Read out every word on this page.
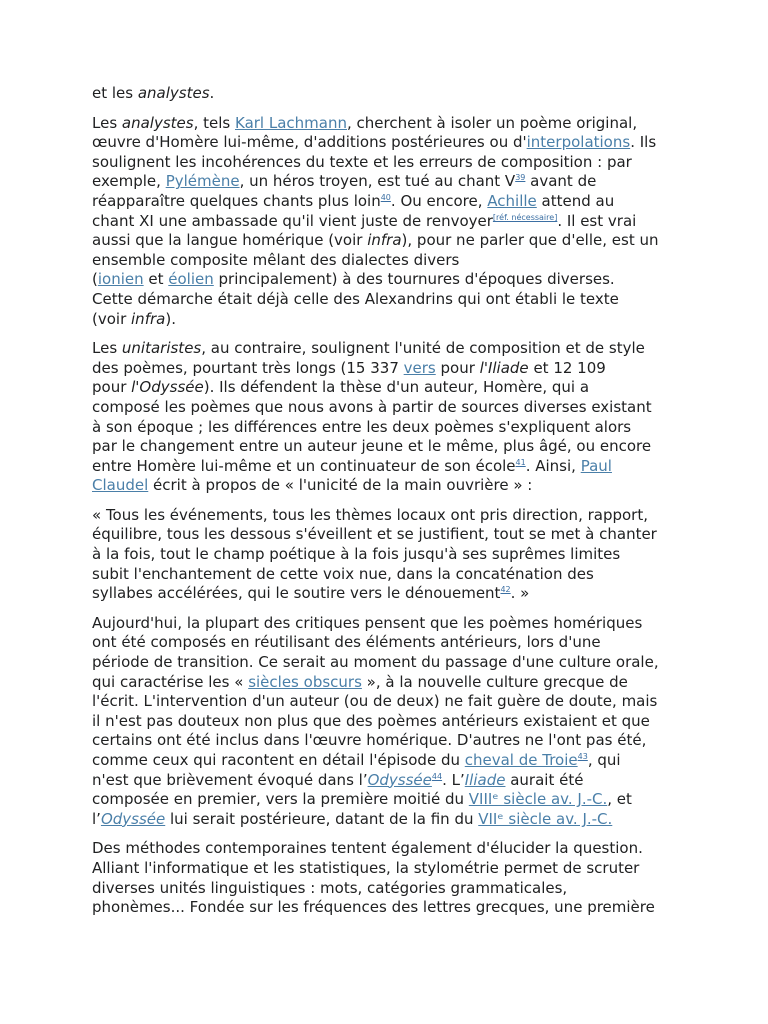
et les analystes.

Les analystes, tels Karl Lachmann, cherchent à isoler un poème original,
œuvre d'Homère lui-même, d'additions postérieures ou d'interpolations. Ils
soulignent les incohérences du texte et les erreurs de composition : par
exemple, Pylémène, un héros troyen, est tué au chant $V^{39}$ avant de
réapparaître quelques chants plus loin$^{40}$. Ou encore, Achille attend au
chant XI une ambassade qu'il vient juste de renvoyer[réf. nécessaire]. Il est vrai
aussi que la langue homérique (voir infra), pour ne parler que d'elle, est un
ensemble composite mêlant des dialectes divers
(ionien et éolien principalement) à des tournures d'époques diverses.
Cette démarche était déjà celle des Alexandrins qui ont établi le texte
(voir infra).

Les unitaristes, au contraire, soulignent l'unité de composition et de style
des poèmes, pourtant très longs (15 337 vers pour l'Iliade et 12 109
pour l'Odyssée). Ils défendent la thèse d'un auteur, Homère, qui a
composé les poèmes que nous avons à partir de sources diverses existant
à son époque ; les différences entre les deux poèmes s'expliquent alors
par le changement entre un auteur jeune et le même, plus âgé, ou encore
entre Homère lui-même et un continuateur de son école$^{41}$. Ainsi, Paul
Claudel écrit à propos de « l'unicité de la main ouvrière » :

« Tous les événements, tous les thèmes locaux ont pris direction, rapport,
équilibre, tous les dessous s'éveillent et se justifient, tout se met à chanter
à la fois, tout le champ poétique à la fois jusqu'à ses suprêmes limites
subit l'enchantement de cette voix nue, dans la concaténation des
syllabes accélérées, qui le soutire vers le dénouement$^{42}$. »

Aujourd'hui, la plupart des critiques pensent que les poèmes homériques
ont été composés en réutilisant des éléments antérieurs, lors d'une
période de transition. Ce serait au moment du passage d'une culture orale,
qui caractérise les « siècles obscurs », à la nouvelle culture grecque de
l'écrit. L'intervention d'un auteur (ou de deux) ne fait guère de doute, mais
il n'est pas douteux non plus que des poèmes antérieurs existaient et que
certains ont été inclus dans l'œuvre homérique. D'autres ne l'ont pas été,
comme ceux qui racontent en détail l'épisode du cheval de Troie$^{43}$, qui
n'est que brièvement évoqué dans l’Odyssée$^{44}$. L’Iliade aurait été
composée en premier, vers la première moitié du VIIIᵉ siècle av. J.-C., et
l’Odyssée lui serait postérieure, datant de la fin du VIIᵉ siècle av. J.-C.

Des méthodes contemporaines tentent également d'élucider la question.
Alliant l'informatique et les statistiques, la stylométrie permet de scruter
diverses unités linguistiques : mots, catégories grammaticales,
phonèmes... Fondée sur les fréquences des lettres grecques, une première
